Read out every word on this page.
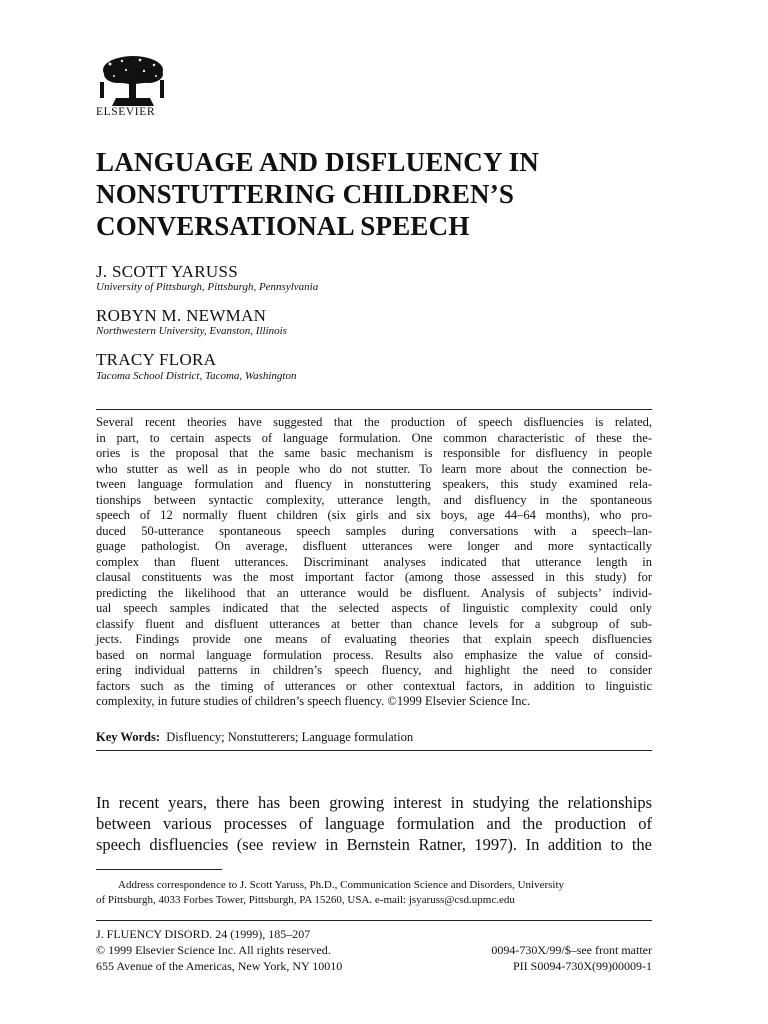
ELSEVIER
LANGUAGE AND DISFLUENCY IN
NONSTUTTERING CHILDREN’S
CONVERSATIONAL SPEECH
J. SCOTT YARUSS
University of Pittsburgh, Pittsburgh, Pennsylvania
ROBYN M. NEWMAN
Northwestern University, Evanston, Illinois
TRACY FLORA
Tacoma School District, Tacoma, Washington
Several recent theories have suggested that the production of speech disfluencies is related,
in part, to certain aspects of language formulation. One common characteristic of these the-
ories is the proposal that the same basic mechanism is responsible for disfluency in people
who stutter as well as in people who do not stutter. To learn more about the connection be-
tween language formulation and fluency in nonstuttering speakers, this study examined rela-
tionships between syntactic complexity, utterance length, and disfluency in the spontaneous
speech of 12 normally fluent children (six girls and six boys, age 44–64 months), who pro-
duced 50-utterance spontaneous speech samples during conversations with a speech–lan-
guage pathologist. On average, disfluent utterances were longer and more syntactically
complex than fluent utterances. Discriminant analyses indicated that utterance length in
clausal constituents was the most important factor (among those assessed in this study) for
predicting the likelihood that an utterance would be disfluent. Analysis of subjects’ individ-
ual speech samples indicated that the selected aspects of linguistic complexity could only
classify fluent and disfluent utterances at better than chance levels for a subgroup of sub-
jects. Findings provide one means of evaluating theories that explain speech disfluencies
based on normal language formulation process. Results also emphasize the value of consid-
ering individual patterns in children’s speech fluency, and highlight the need to consider
factors such as the timing of utterances or other contextual factors, in addition to linguistic
complexity, in future studies of children’s speech fluency. ©1999 Elsevier Science Inc.
Key Words: Disfluency; Nonstutterers; Language formulation
In recent years, there has been growing interest in studying the relationships
between various processes of language formulation and the production of
speech disfluencies (see review in Bernstein Ratner, 1997). In addition to the
Address correspondence to J. Scott Yaruss, Ph.D., Communication Science and Disorders, University
of Pittsburgh, 4033 Forbes Tower, Pittsburgh, PA 15260, USA. e-mail: jsyaruss@csd.upmc.edu
J. FLUENCY DISORD. 24 (1999), 185–207
© 1999 Elsevier Science Inc. All rights reserved.	0094-730X/99/$–see front matter
655 Avenue of the Americas, New York, NY 10010	PII S0094-730X(99)00009-1
